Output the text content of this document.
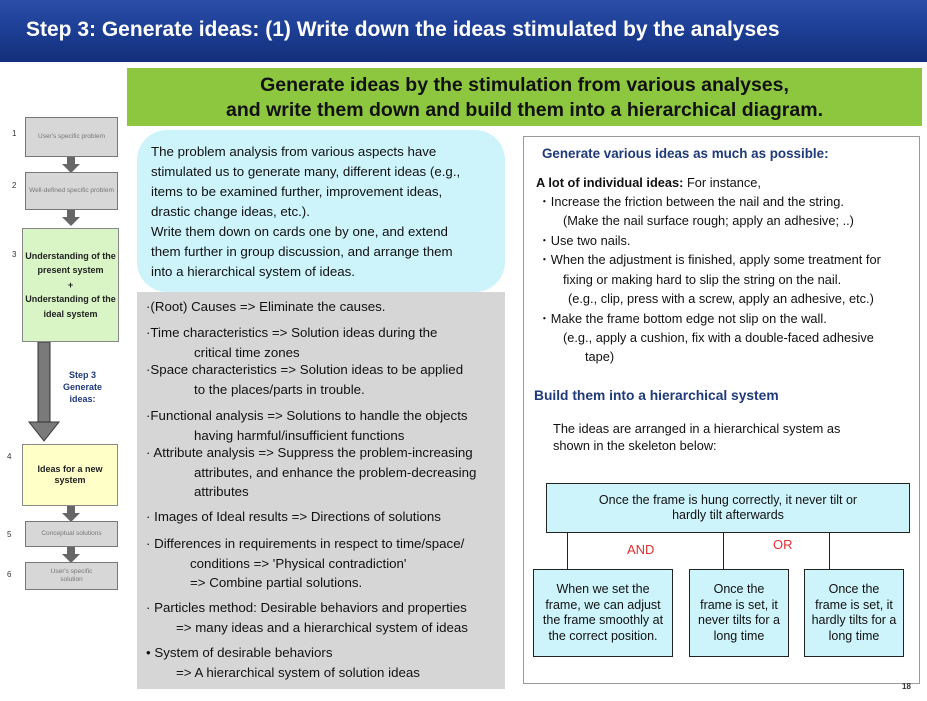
Step 3: Generate ideas: (1) Write down the ideas stimulated by the analyses
Generate ideas by the stimulation from various analyses,
and write them down and build them into a hierarchical diagram.
1	User's specific problem
2
Well-defined specific problem
3 Understanding of the present system
+
Understanding of the ideal system
Step 3 Generate ideas:
4
Ideas for a new system
5	Conceptual solutions
6	User's specific solution
The problem analysis from various aspects have
stimulated us to generate many, different ideas (e.g.,
items to be examined further, improvement ideas,
drastic change ideas, etc.).
Write them down on cards one by one, and extend
them further in group discussion, and arrange them
into a hierarchical system of ideas.
·(Root) Causes => Eliminate the causes.
·Time characteristics => Solution ideas during the
critical time zones
·Space characteristics => Solution ideas to be applied
to the places/parts in trouble.
·Functional analysis => Solutions to handle the objects
having harmful/insufficient functions
· Attribute analysis => Suppress the problem-increasing
attributes, and enhance the problem-decreasing
attributes
· Images of Ideal results => Directions of solutions
· Differences in requirements in respect to time/space/
conditions => 'Physical contradiction'
=> Combine partial solutions.
· Particles method: Desirable behaviors and properties
=> many ideas and a hierarchical system of ideas
• System of desirable behaviors
=> A hierarchical system of solution ideas
Generate various ideas as much as possible:
A lot of individual ideas: For instance,
・Increase the friction between the nail and the string.
(Make the nail surface rough; apply an adhesive; ..)
・Use two nails.
・When the adjustment is finished, apply some treatment for
fixing or making hard to slip the string on the nail.
(e.g., clip, press with a screw, apply an adhesive, etc.)
・Make the frame bottom edge not slip on the wall.
(e.g., apply a cushion, fix with a double-faced adhesive
tape)
Build them into a hierarchical system
The ideas are arranged in a hierarchical system as
shown in the skeleton below:
Once the frame is hung correctly, it never tilt or hardly tilt afterwards
AND	OR
When we set the frame, we can adjust the frame smoothly at the correct position.
Once the frame is set, it never tilts for a long time
Once the frame is set, it hardly tilts for a long time
18
